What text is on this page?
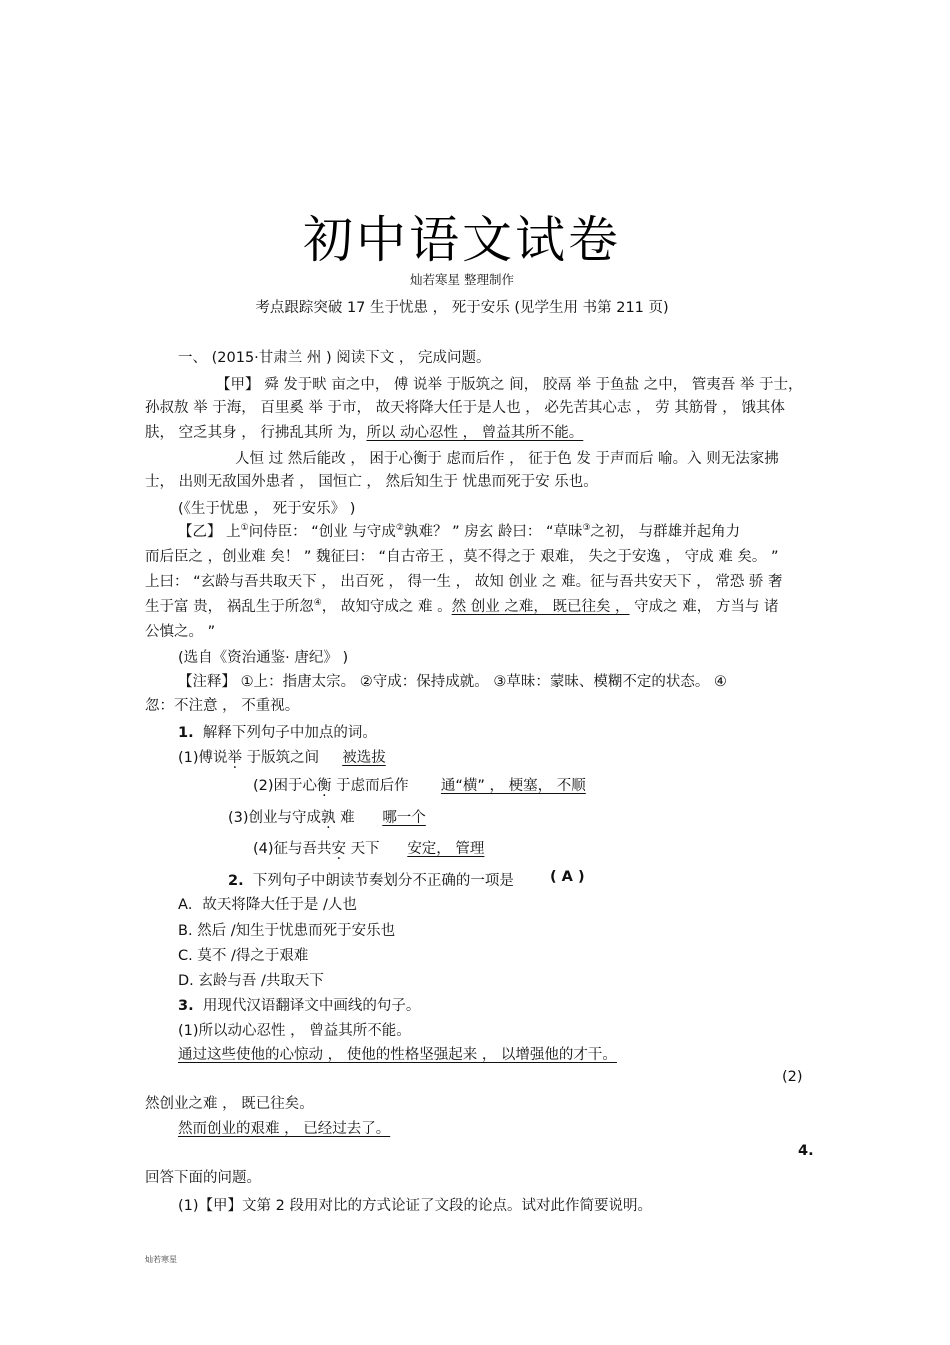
初中语文试卷
灿若寒星 整理制作
考点跟踪突破 17 生于忧患 ， 死于安乐 (见学生用 书第 211 页)
一、 (2015·甘肃兰 州 ) 阅读下文 ， 完成问题。
【甲】 舜 发于畎 亩之中， 傅 说举 于版筑之 间， 胶鬲 举 于鱼盐 之中， 管夷吾 举 于士，
孙叔敖 举 于海， 百里奚 举 于市， 故天将降大任于是人也 ， 必先苦其心志 ， 劳 其筋骨 ， 饿其体
肤， 空乏其身 ， 行拂乱其所 为，所以 动心忍性 ， 曾益其所不能。
人恒 过 然后能改 ， 困于心衡于 虑而后作 ， 征于色 发 于声而后 喻。入 则无法家拂
士， 出则无敌国外患者 ， 国恒亡 ， 然后知生于 忧患而死于安 乐也。
(《生于忧患 ， 死于安乐》 )
【乙】 上①问侍臣： “创业 与守成②孰难？ ” 房玄 龄曰： “草昧③之初， 与群雄并起角力
而后臣之 ，创业难 矣！ ” 魏征曰： “自古帝王 ，莫不得之于 艰难， 失之于安逸 ， 守成 难 矣。 ”
上曰： “玄龄与吾共取天下 ， 出百死 ， 得一生 ， 故知 创业 之 难。征与吾共安天下 ， 常恐 骄 奢
生于富 贵， 祸乱生于所忽④， 故知守成之 难 。然 创业 之难， 既已往矣 ， 守成之 难， 方当与 诸
公慎之。 ”
(选自《资治通鉴· 唐纪》 )
【注释】 ①上：指唐太宗。 ②守成：保持成就。 ③草昧：蒙昧、模糊不定的状态。 ④
忽：不注意 ， 不重视。
1. 解释下列句子中加点的词。
(1)傅说举 于版筑之间 被选拔
(2)困于心衡 于虑而后作 通“横” ， 梗塞， 不顺
(3)创业与守成孰 难 哪一个
(4)征与吾共安 天下 安定， 管理
2. 下列句子中朗读节奏划分不正确的一项是 ( A )
A．故天将降大任于是 /人也
B. 然后 /知生于忧患而死于安乐也
C. 莫不 /得之于艰难
D. 玄龄与吾 /共取天下
3. 用现代汉语翻译文中画线的句子。
(1)所以动心忍性 ， 曾益其所不能。
通过这些使他的心惊动 ， 使他的性格坚强起来 ， 以增强他的才干。
(2)
然创业之难 ， 既已往矣。
然而创业的艰难 ， 已经过去了。
4.
回答下面的问题。
(1)【甲】文第 2 段用对比的方式论证了文段的论点。试对此作简要说明。
灿若寒星
